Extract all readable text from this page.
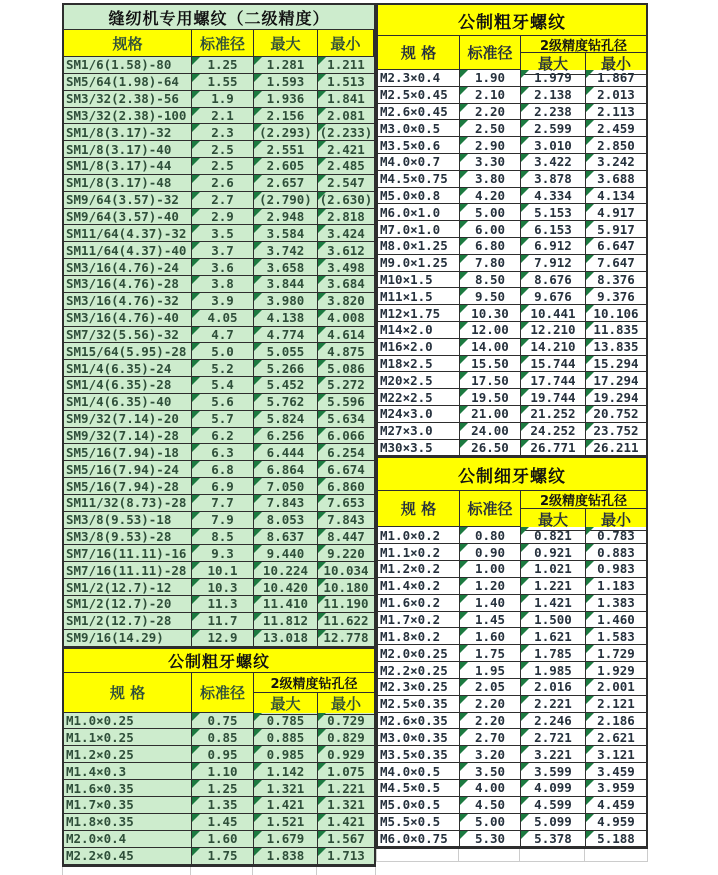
缝纫机专用螺纹（二级精度）
规格	标准径	最大	最小
SM1/6(1.58)-80	1.25	1.281	1.211
SM5/64(1.98)-64	1.55	1.593	1.513
SM3/32(2.38)-56	1.9	1.936	1.841
SM3/32(2.38)-100	2.1	2.156	2.081
SM1/8(3.17)-32	2.3	(2.293) (2.233)
SM1/8(3.17)-40	2.5	2.551	2.421
SM1/8(3.17)-44	2.5	2.605	2.485
SM1/8(3.17)-48	2.6	2.657	2.547
SM9/64(3.57)-32	2.7	(2.790) (2.630)
SM9/64(3.57)-40	2.9	2.948	2.818
SM11/64(4.37)-32	3.5	3.584	3.424
SM11/64(4.37)-40	3.7	3.742	3.612
SM3/16(4.76)-24	3.6	3.658	3.498
SM3/16(4.76)-28	3.8	3.844	3.684
SM3/16(4.76)-32	3.9	3.980	3.820
SM3/16(4.76)-40	4.05	4.138	4.008
SM7/32(5.56)-32	4.7	4.774	4.614
SM15/64(5.95)-28	5.0	5.055	4.875
SM1/4(6.35)-24	5.2	5.266	5.086
SM1/4(6.35)-28	5.4	5.452	5.272
SM1/4(6.35)-40	5.6	5.762	5.596
SM9/32(7.14)-20	5.7	5.824	5.634
SM9/32(7.14)-28	6.2	6.256	6.066
SM5/16(7.94)-18	6.3	6.444	6.254
SM5/16(7.94)-24	6.8	6.864	6.674
SM5/16(7.94)-28	6.9	7.050	6.860
SM11/32(8.73)-28	7.7	7.843	7.653
SM3/8(9.53)-18	7.9	8.053	7.843
SM3/8(9.53)-28	8.5	8.637	8.447
SM7/16(11.11)-16	9.3	9.440	9.220
SM7/16(11.11)-28	10.1	10.224	10.034
SM1/2(12.7)-12	10.3	10.420	10.180
SM1/2(12.7)-20	11.3	11.410	11.190
SM1/2(12.7)-28	11.7	11.812	11.622
SM9/16(14.29)	12.9	13.018	12.778
公制粗牙螺纹
规 格	标准径	2级精度钻孔径
最大	最小
M1.0×0.25	0.75	0.785	0.729
M1.1×0.25	0.85	0.885	0.829
M1.2×0.25	0.95	0.985	0.929
M1.4×0.3	1.10	1.142	1.075
M1.6×0.35	1.25	1.321	1.221
M1.7×0.35	1.35	1.421	1.321
M1.8×0.35	1.45	1.521	1.421
M2.0×0.4	1.60	1.679	1.567
M2.2×0.45	1.75	1.838	1.713
公制粗牙螺纹
规 格	标准径	2级精度钻孔径
最大	最小
M2.3×0.4	1.90	1.979	1.867
M2.5×0.45	2.10	2.138	2.013
M2.6×0.45	2.20	2.238	2.113
M3.0×0.5	2.50	2.599	2.459
M3.5×0.6	2.90	3.010	2.850
M4.0×0.7	3.30	3.422	3.242
M4.5×0.75	3.80	3.878	3.688
M5.0×0.8	4.20	4.334	4.134
M6.0×1.0	5.00	5.153	4.917
M7.0×1.0	6.00	6.153	5.917
M8.0×1.25	6.80	6.912	6.647
M9.0×1.25	7.80	7.912	7.647
M10×1.5	8.50	8.676	8.376
M11×1.5	9.50	9.676	9.376
M12×1.75	10.30	10.441	10.106
M14×2.0	12.00	12.210	11.835
M16×2.0	14.00	14.210	13.835
M18×2.5	15.50	15.744	15.294
M20×2.5	17.50	17.744	17.294
M22×2.5	19.50	19.744	19.294
M24×3.0	21.00	21.252	20.752
M27×3.0	24.00	24.252	23.752
M30×3.5	26.50	26.771	26.211
公制细牙螺纹
规 格	标准径	2级精度钻孔径
最大	最小
M1.0×0.2	0.80	0.821	0.783
M1.1×0.2	0.90	0.921	0.883
M1.2×0.2	1.00	1.021	0.983
M1.4×0.2	1.20	1.221	1.183
M1.6×0.2	1.40	1.421	1.383
M1.7×0.2	1.45	1.500	1.460
M1.8×0.2	1.60	1.621	1.583
M2.0×0.25	1.75	1.785	1.729
M2.2×0.25	1.95	1.985	1.929
M2.3×0.25	2.05	2.016	2.001
M2.5×0.35	2.20	2.221	2.121
M2.6×0.35	2.20	2.246	2.186
M3.0×0.35	2.70	2.721	2.621
M3.5×0.35	3.20	3.221	3.121
M4.0×0.5	3.50	3.599	3.459
M4.5×0.5	4.00	4.099	3.959
M5.0×0.5	4.50	4.599	4.459
M5.5×0.5	5.00	5.099	4.959
M6.0×0.75	5.30	5.378	5.188
